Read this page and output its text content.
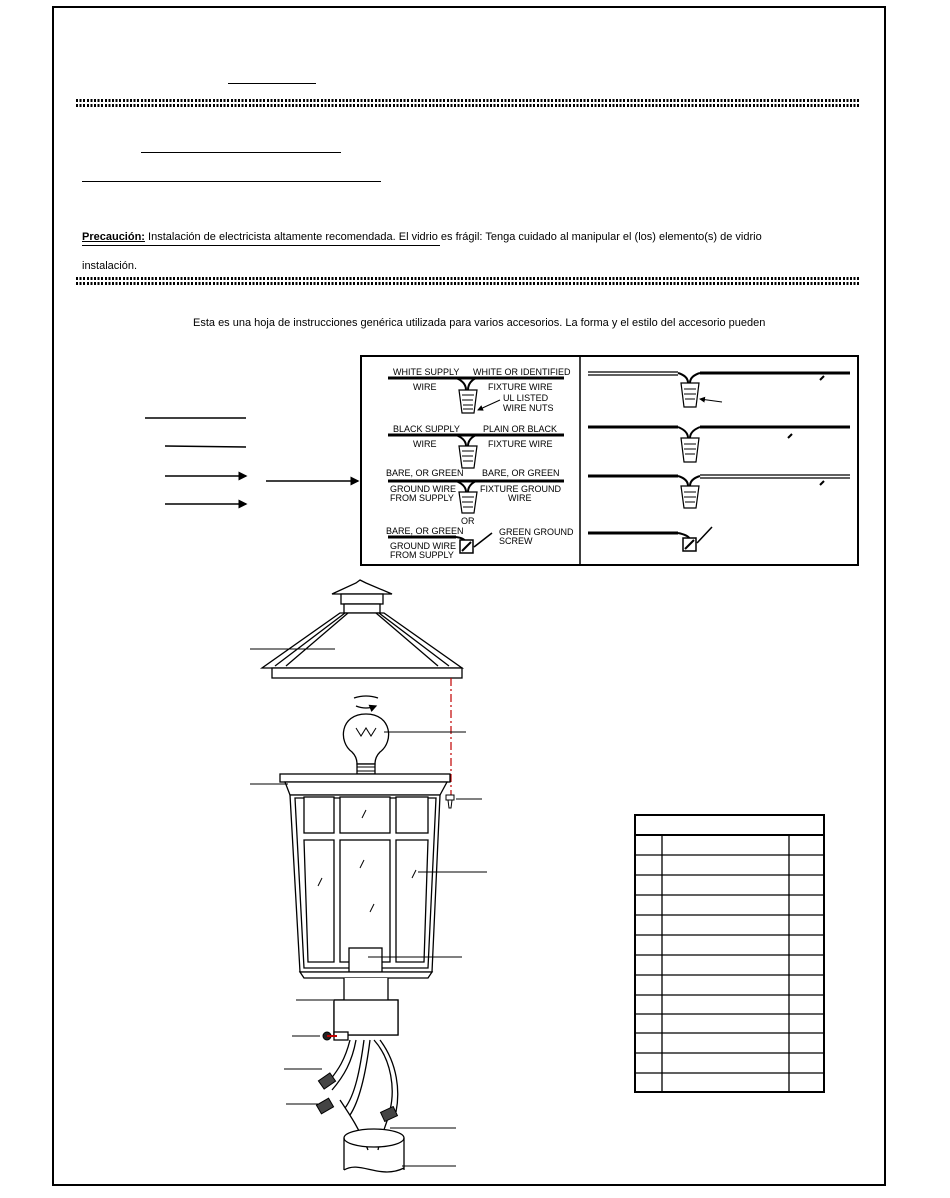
Precaución: Instalación de electricista altamente recomendada. El vidrio es frágil: Tenga cuidado al manipular el (los) elemento(s) de vidrio
instalación.
Esta es una hoja de instrucciones genérica utilizada para varios accesorios. La forma y el estilo del accesorio pueden
WHITE SUPPLY
WIRE
WHITE OR IDENTIFIED
FIXTURE WIRE
UL LISTED
WIRE NUTS
BLACK SUPPLY
WIRE
PLAIN OR BLACK
FIXTURE WIRE
BARE, OR GREEN
GROUND WIRE
FROM SUPPLY
BARE, OR GREEN
FIXTURE GROUND
WIRE
OR
BARE, OR GREEN
GROUND WIRE
FROM SUPPLY
GREEN GROUND
SCREW
